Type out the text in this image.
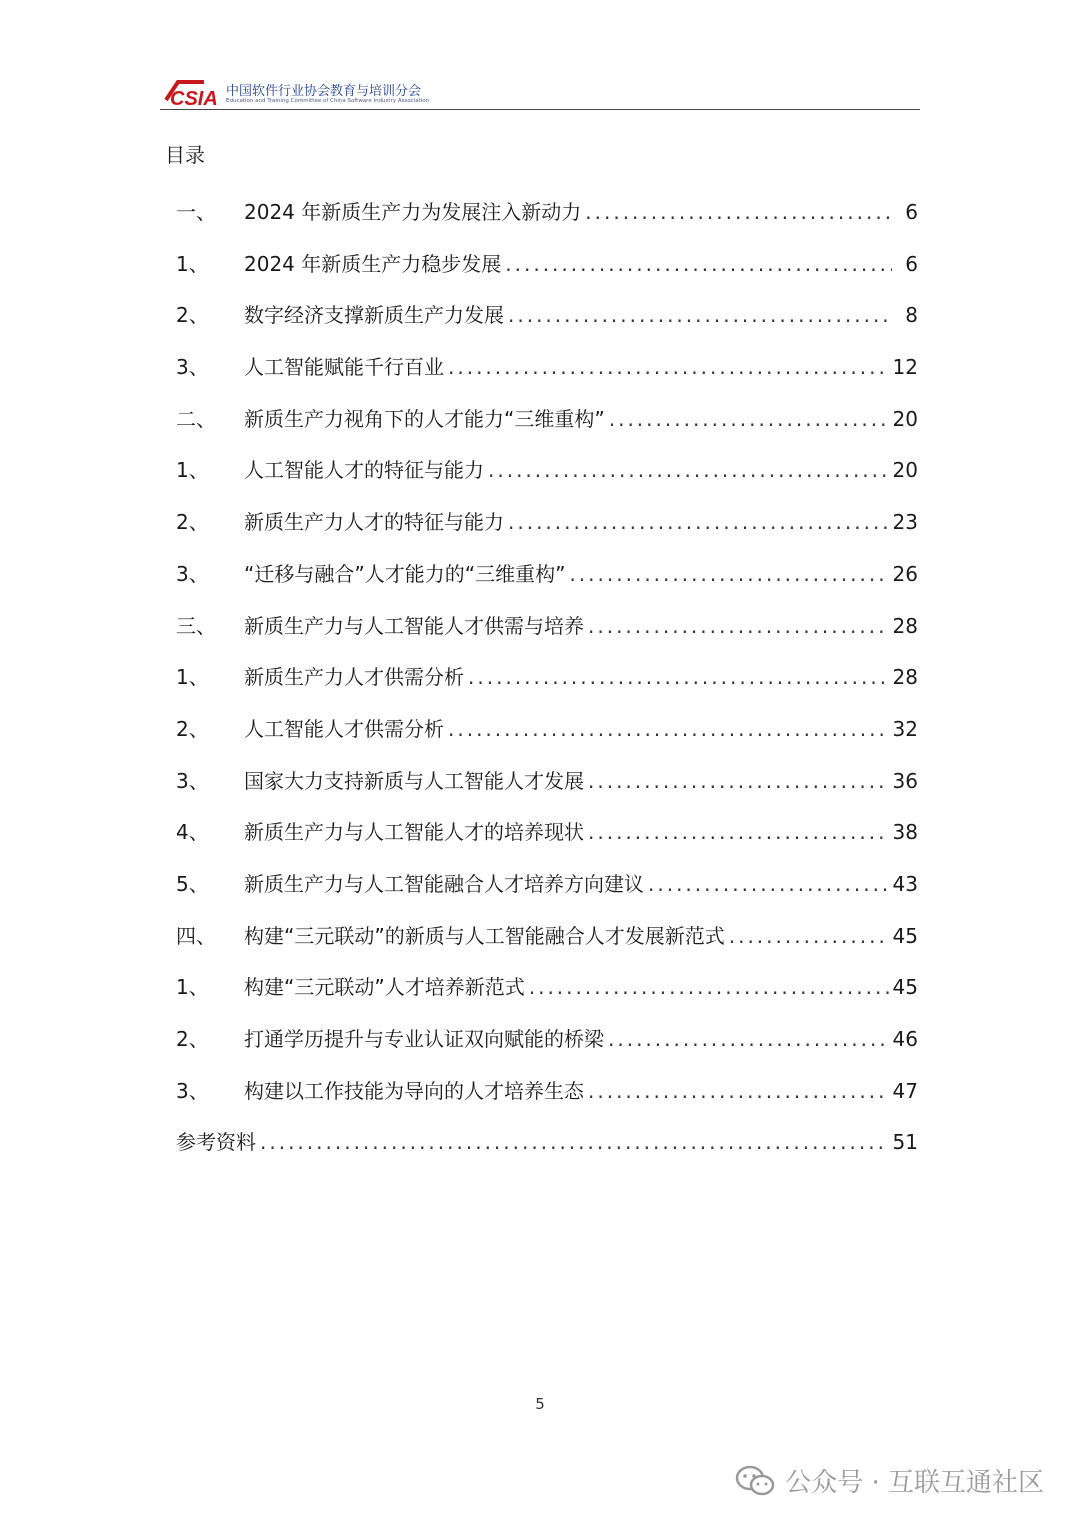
CSIA 中国软件行业协会教育与培训分会
Education and Training Committee of China Software Industry Association
目录
一、	2024 年新质生产力为发展注入新动力 .....	6
1、	2024 年新质生产力稳步发展 .....	6
2、	数字经济支撑新质生产力发展 .....	8
3、	人工智能赋能千行百业 .....	12
二、	新质生产力视角下的人才能力“三维重构” .....	20
1、	人工智能人才的特征与能力 .....	20
2、	新质生产力人才的特征与能力 .....	23
3、	“迁移与融合”人才能力的“三维重构” .....	26
三、	新质生产力与人工智能人才供需与培养 .....	28
1、	新质生产力人才供需分析 .....	28
2、	人工智能人才供需分析 .....	32
3、	国家大力支持新质与人工智能人才发展 .....	36
4、	新质生产力与人工智能人才的培养现状 .....	38
5、	新质生产力与人工智能融合人才培养方向建议 .....	43
四、	构建“三元联动”的新质与人工智能融合人才发展新范式 .....	45
1、	构建“三元联动”人才培养新范式 .....	45
2、	打通学历提升与专业认证双向赋能的桥梁 .....	46
3、	构建以工作技能为导向的人才培养生态 .....	47
参考资料 .....	51
5
公众号 · 互联互通社区
